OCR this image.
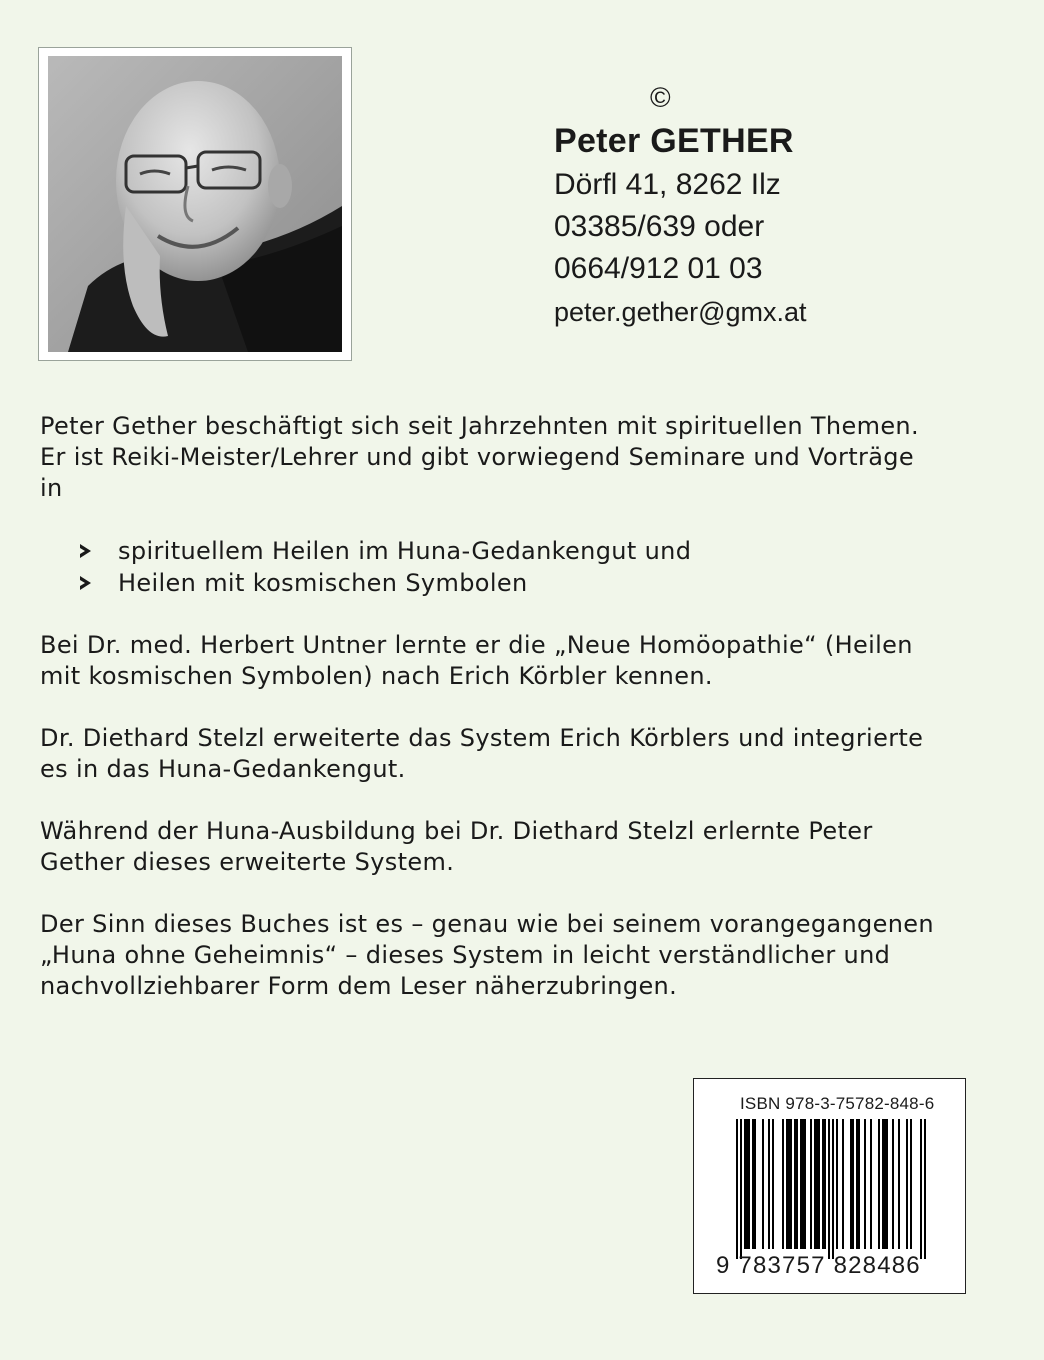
©
Peter GETHER
Dörfl 41, 8262 Ilz
03385/639 oder
0664/912 01 03
peter.gether@gmx.at

Peter Gether beschäftigt sich seit Jahrzehnten mit spirituellen Themen. Er ist Reiki-Meister/Lehrer und gibt vorwiegend Seminare und Vorträge in

spirituellem Heilen im Huna-Gedankengut und
Heilen mit kosmischen Symbolen

Bei Dr. med. Herbert Untner lernte er die „Neue Homöopathie“ (Heilen mit kosmischen Symbolen) nach Erich Körbler kennen.

Dr. Diethard Stelzl erweiterte das System Erich Körblers und integrierte es in das Huna-Gedankengut.

Während der Huna-Ausbildung bei Dr. Diethard Stelzl erlernte Peter Gether dieses erweiterte System.

Der Sinn dieses Buches ist es – genau wie bei seinem vorangegangenen „Huna ohne Geheimnis“ – dieses System in leicht verständlicher und nachvollziehbarer Form dem Leser näherzubringen.

ISBN 978-3-75782-848-6
9 783757 828486
